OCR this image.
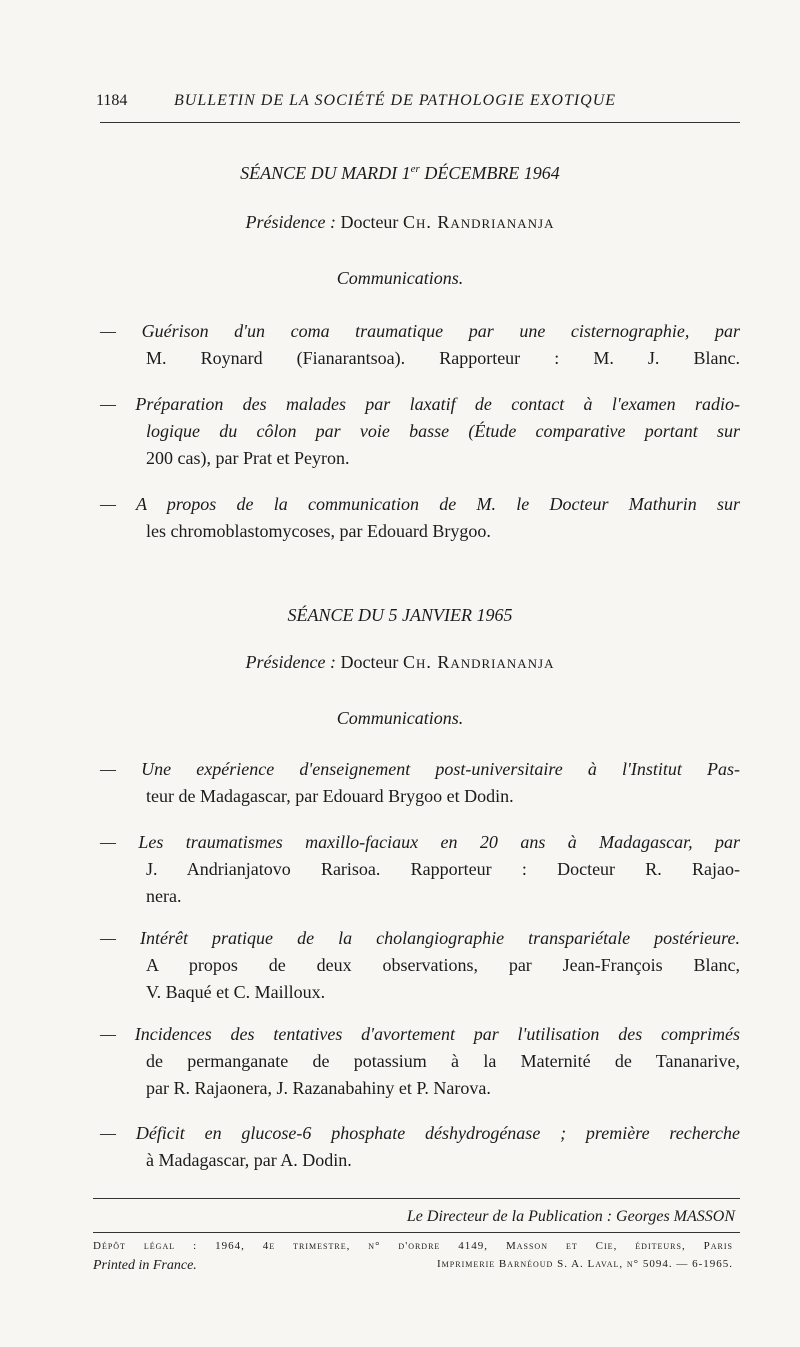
1184	BULLETIN DE LA SOCIÉTÉ DE PATHOLOGIE EXOTIQUE
SÉANCE DU MARDI 1er DÉCEMBRE 1964
Présidence : Docteur Ch. Randriananja
Communications.
— Guérison d'un coma traumatique par une cisternographie, par
M. Roynard (Fianarantsoa). Rapporteur : M. J. Blanc.
— Préparation des malades par laxatif de contact à l'examen radio-
logique du côlon par voie basse (Étude comparative portant sur
200 cas), par Prat et Peyron.
— A propos de la communication de M. le Docteur Mathurin sur
les chromoblastomycoses, par Edouard Brygoo.
SÉANCE DU 5 JANVIER 1965
Présidence : Docteur Ch. Randriananja
Communications.
— Une expérience d'enseignement post-universitaire à l'Institut Pas-
teur de Madagascar, par Edouard Brygoo et Dodin.
— Les traumatismes maxillo-faciaux en 20 ans à Madagascar, par
J. Andrianjatovo Rarisoa. Rapporteur : Docteur R. Rajao-
nera.
— Intérêt pratique de la cholangiographie transpariétale postérieure.
A propos de deux observations, par Jean-François Blanc,
V. Baqué et C. Mailloux.
— Incidences des tentatives d'avortement par l'utilisation des comprimés
de permanganate de potassium à la Maternité de Tananarive,
par R. Rajaonera, J. Razanabahiny et P. Narova.
— Déficit en glucose-6 phosphate déshydrogénase ; première recherche
à Madagascar, par A. Dodin.
Le Directeur de la Publication : Georges MASSON
Dépôt légal : 1964, 4e trimestre, n° d'ordre 4149, Masson et Cie, éditeurs, Paris
Printed in France.	Imprimerie Barnéoud S. A. Laval, n° 5094. — 6-1965.
